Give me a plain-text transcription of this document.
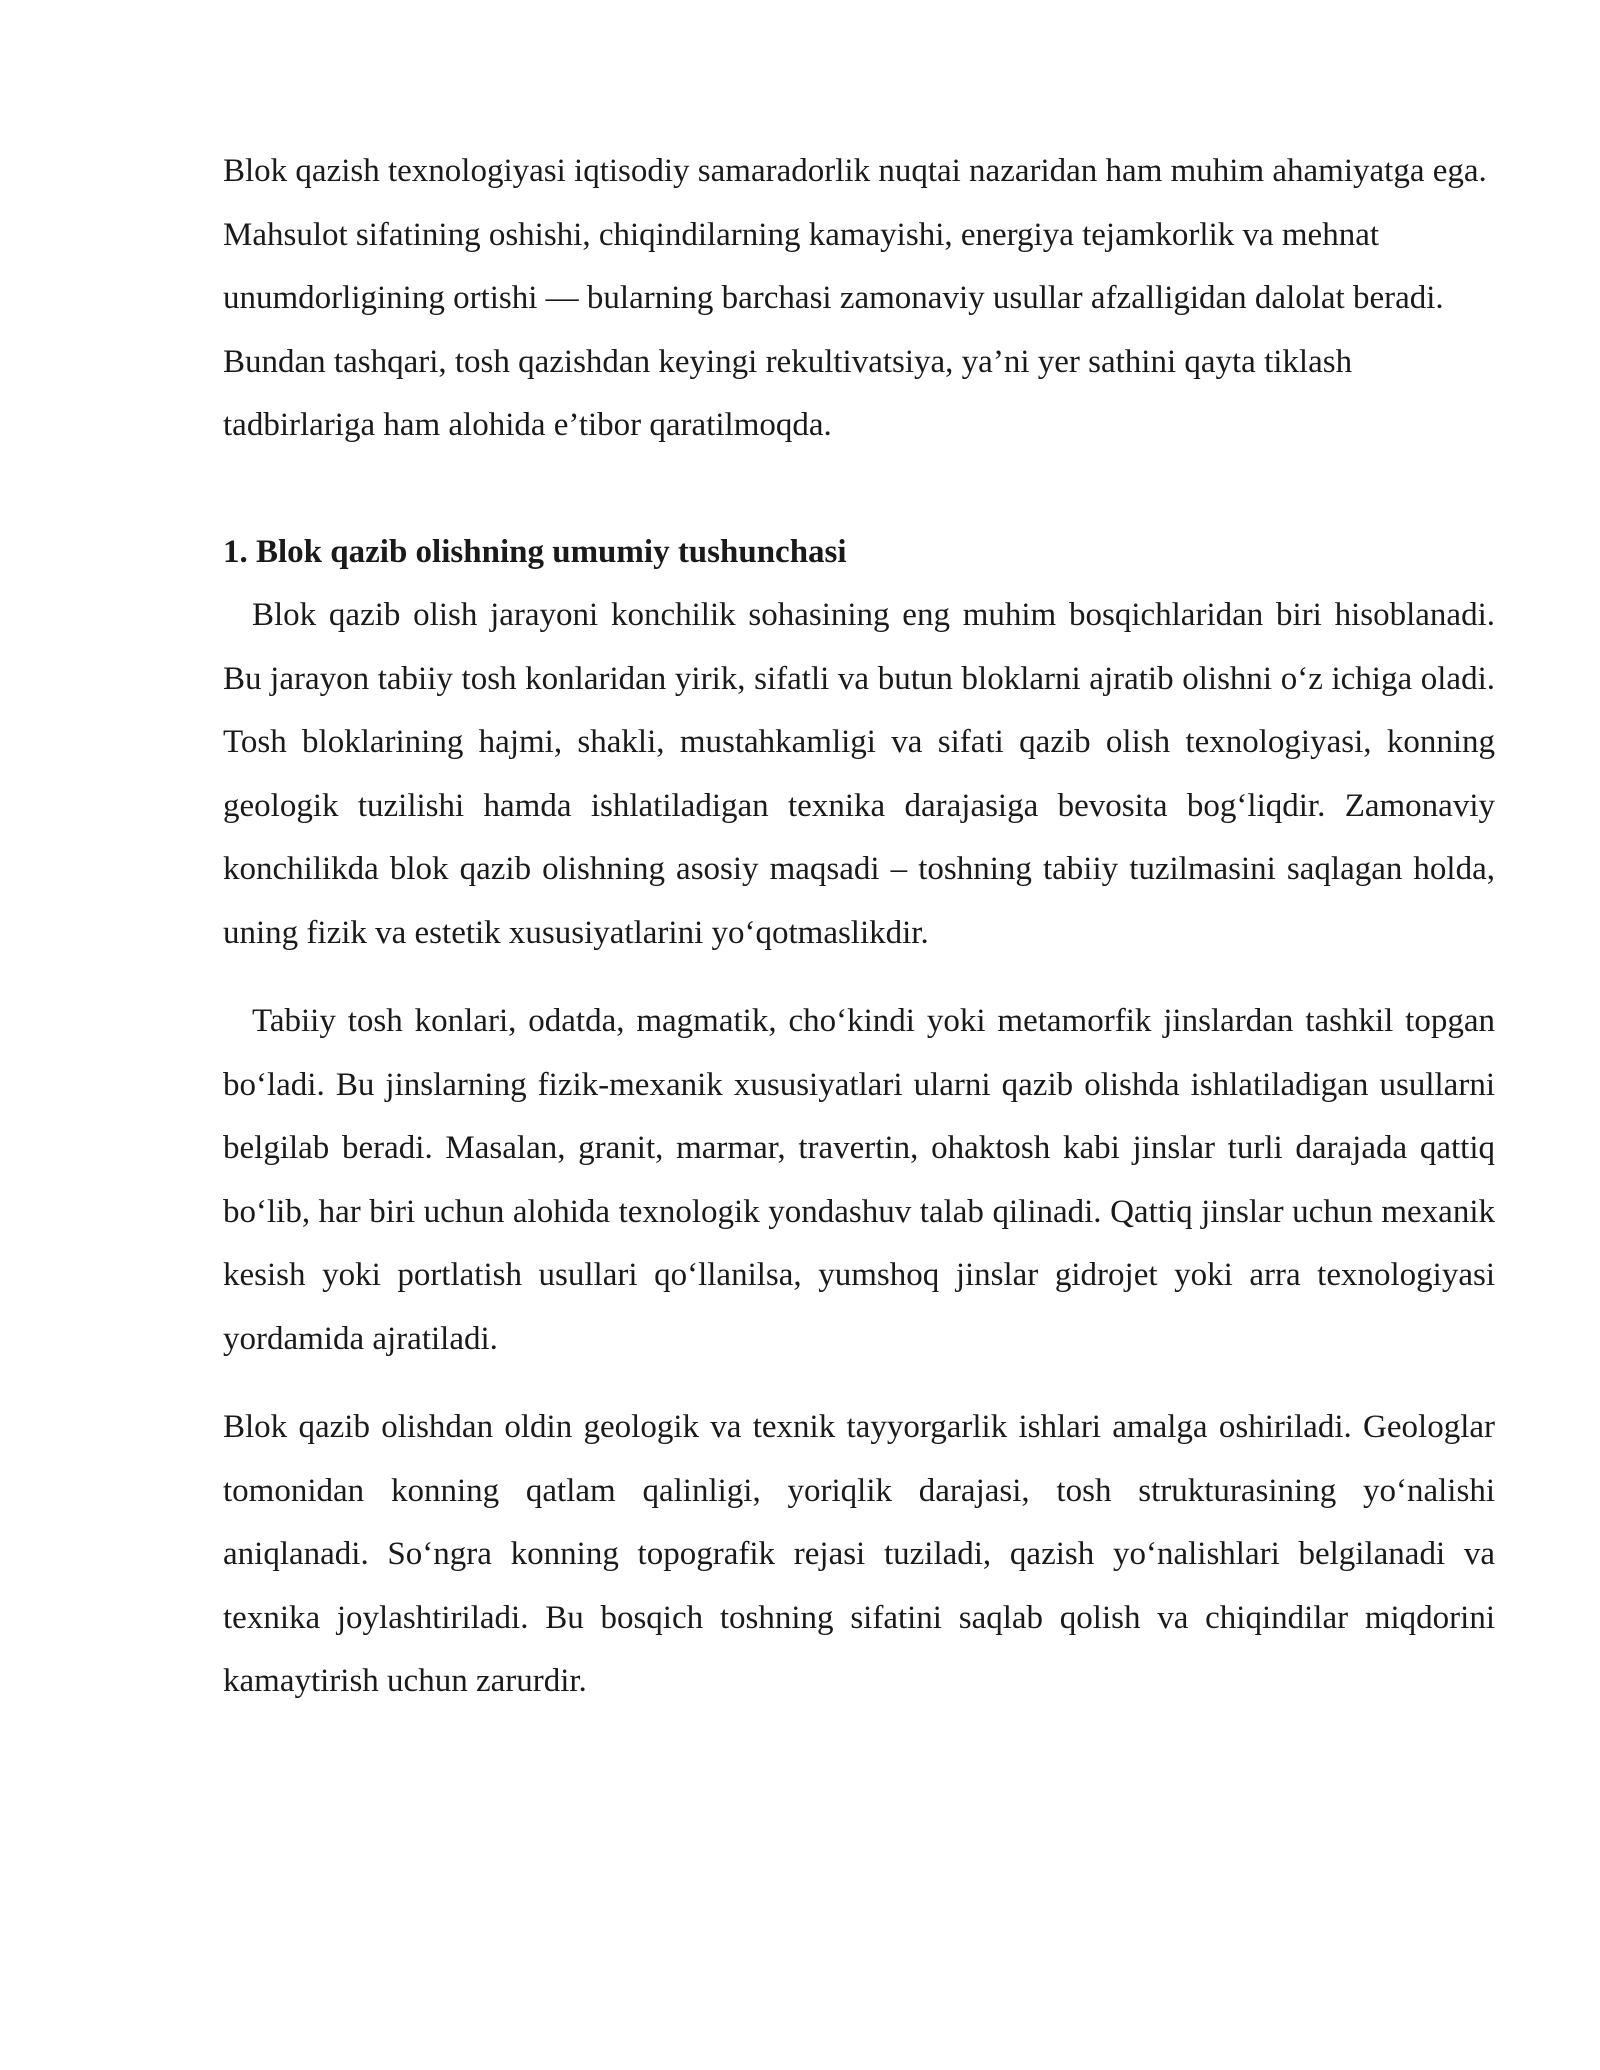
Blok qazish texnologiyasi iqtisodiy samaradorlik nuqtai nazaridan ham muhim ahamiyatga ega. Mahsulot sifatining oshishi, chiqindilarning kamayishi, energiya tejamkorlik va mehnat unumdorligining ortishi — bularning barchasi zamonaviy usullar afzalligidan dalolat beradi. Bundan tashqari, tosh qazishdan keyingi rekultivatsiya, ya’ni yer sathini qayta tiklash tadbirlariga ham alohida e’tibor qaratilmoqda.

1. Blok qazib olishning umumiy tushunchasi

Blok qazib olish jarayoni konchilik sohasining eng muhim bosqichlaridan biri hisoblanadi. Bu jarayon tabiiy tosh konlaridan yirik, sifatli va butun bloklarni ajratib olishni o‘z ichiga oladi. Tosh bloklarining hajmi, shakli, mustahkamligi va sifati qazib olish texnologiyasi, konning geologik tuzilishi hamda ishlatiladigan texnika darajasiga bevosita bog‘liqdir. Zamonaviy konchilikda blok qazib olishning asosiy maqsadi – toshning tabiiy tuzilmasini saqlagan holda, uning fizik va estetik xususiyatlarini yo‘qotmaslikdir.

Tabiiy tosh konlari, odatda, magmatik, cho‘kindi yoki metamorfik jinslardan tashkil topgan bo‘ladi. Bu jinslarning fizik-mexanik xususiyatlari ularni qazib olishda ishlatiladigan usullarni belgilab beradi. Masalan, granit, marmar, travertin, ohaktosh kabi jinslar turli darajada qattiq bo‘lib, har biri uchun alohida texnologik yondashuv talab qilinadi. Qattiq jinslar uchun mexanik kesish yoki portlatish usullari qo‘llanilsa, yumshoq jinslar gidrojet yoki arra texnologiyasi yordamida ajratiladi.

Blok qazib olishdan oldin geologik va texnik tayyorgarlik ishlari amalga oshiriladi. Geologlar tomonidan konning qatlam qalinligi, yoriqlik darajasi, tosh strukturasining yo‘nalishi aniqlanadi. So‘ngra konning topografik rejasi tuziladi, qazish yo‘nalishlari belgilanadi va texnika joylashtiriladi. Bu bosqich toshning sifatini saqlab qolish va chiqindilar miqdorini kamaytirish uchun zarurdir.
